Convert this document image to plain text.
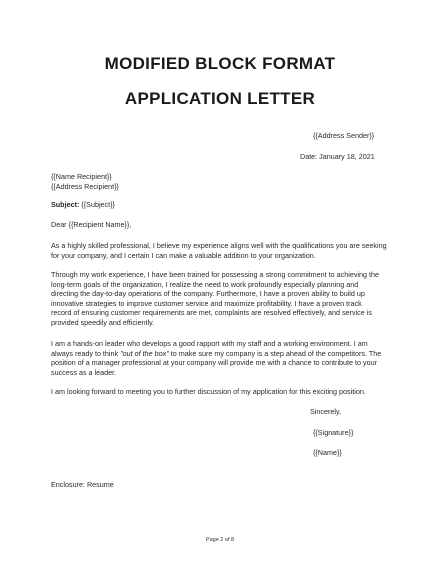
MODIFIED BLOCK FORMAT
APPLICATION LETTER
{{Address Sender}}
Date: January 18, 2021
{{Name Recipient}}
{{Address Recipient}}
Subject: {{Subject}}
Dear {{Recipient Name}},
As a highly skilled professional, I believe my experience aligns well with the qualifications you are seeking
for your company, and I certain I can make a valuable addition to your organization.
Through my work experience, I have been trained for possessing a strong commitment to achieving the
long-term goals of the organization, I realize the need to work profoundly especially planning and
directing the day-to-day operations of the company. Furthermore, I have a proven ability to build up
innovative strategies to improve customer service and maximize profitability. I have a proven track
record of ensuring customer requirements are met, complaints are resolved effectively, and service is
provided speedily and efficiently.
I am a hands-on leader who develops a good rapport with my staff and a working environment. I am
always ready to think "out of the box" to make sure my company is a step ahead of the competitors. The
position of a manager professional at your company will provide me with a chance to contribute to your
success as a leader.
I am looking forward to meeting you to further discussion of my application for this exciting position.
Sincerely,
{{Signature}}
{{Name}}
Enclosure: Resume
Page 2 of 8
